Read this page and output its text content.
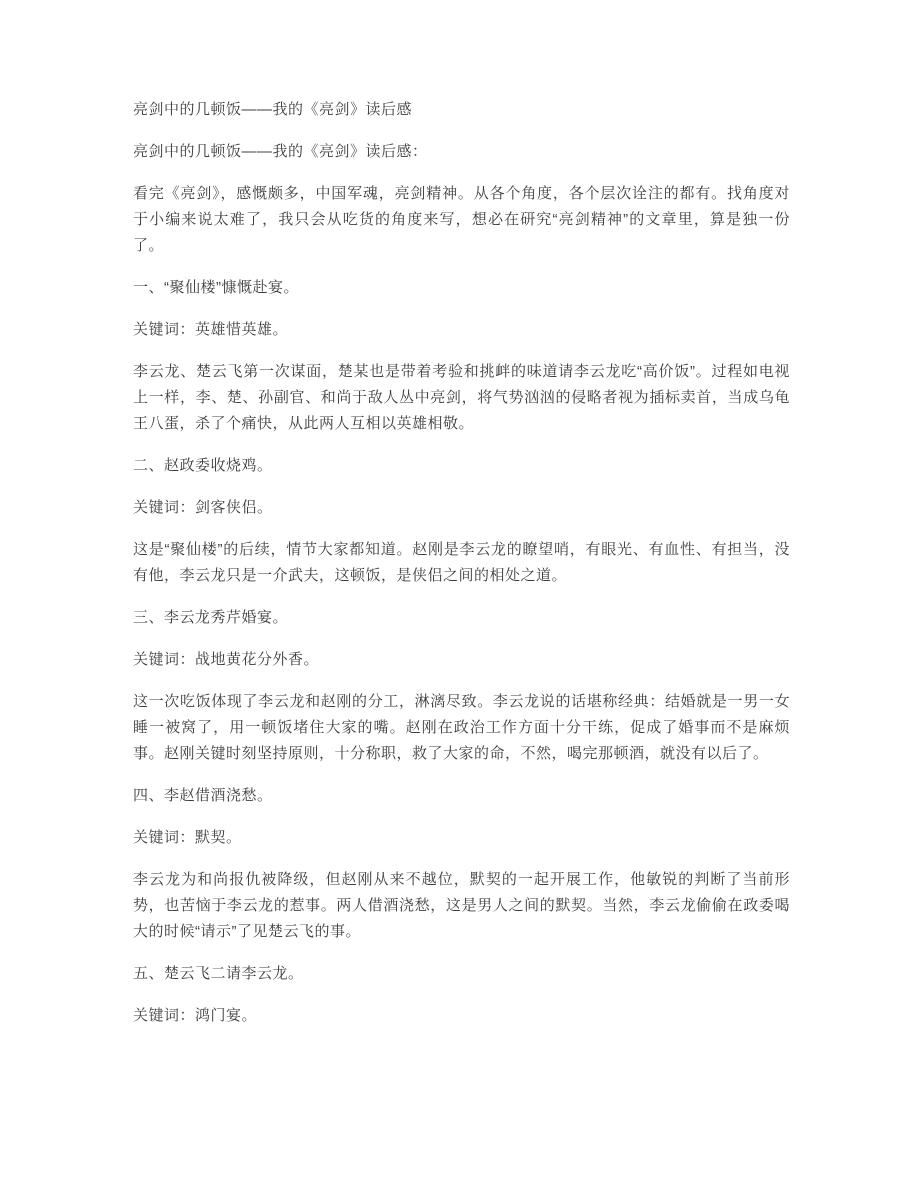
亮剑中的几顿饭——我的《亮剑》读后感

亮剑中的几顿饭——我的《亮剑》读后感：

看完《亮剑》，感慨颇多，中国军魂，亮剑精神。从各个角度，各个层次诠注的都有。找角度对于小编来说太难了，我只会从吃货的角度来写，想必在研究“亮剑精神”的文章里，算是独一份了。

一、“聚仙楼”慷慨赴宴。

关键词：英雄惜英雄。

李云龙、楚云飞第一次谋面，楚某也是带着考验和挑衅的味道请李云龙吃“高价饭”。过程如电视上一样，李、楚、孙副官、和尚于敌人丛中亮剑，将气势汹汹的侵略者视为插标卖首，当成乌龟王八蛋，杀了个痛快，从此两人互相以英雄相敬。

二、赵政委收烧鸡。

关键词：剑客侠侣。

这是“聚仙楼”的后续，情节大家都知道。赵刚是李云龙的瞭望哨，有眼光、有血性、有担当，没有他，李云龙只是一介武夫，这顿饭，是侠侣之间的相处之道。

三、李云龙秀芹婚宴。

关键词：战地黄花分外香。

这一次吃饭体现了李云龙和赵刚的分工，淋漓尽致。李云龙说的话堪称经典：结婚就是一男一女睡一被窝了，用一顿饭堵住大家的嘴。赵刚在政治工作方面十分干练，促成了婚事而不是麻烦事。赵刚关键时刻坚持原则，十分称职，救了大家的命，不然，喝完那顿酒，就没有以后了。

四、李赵借酒浇愁。

关键词：默契。

李云龙为和尚报仇被降级，但赵刚从来不越位，默契的一起开展工作，他敏锐的判断了当前形势，也苦恼于李云龙的惹事。两人借酒浇愁，这是男人之间的默契。当然，李云龙偷偷在政委喝大的时候“请示”了见楚云飞的事。

五、楚云飞二请李云龙。

关键词：鸿门宴。
